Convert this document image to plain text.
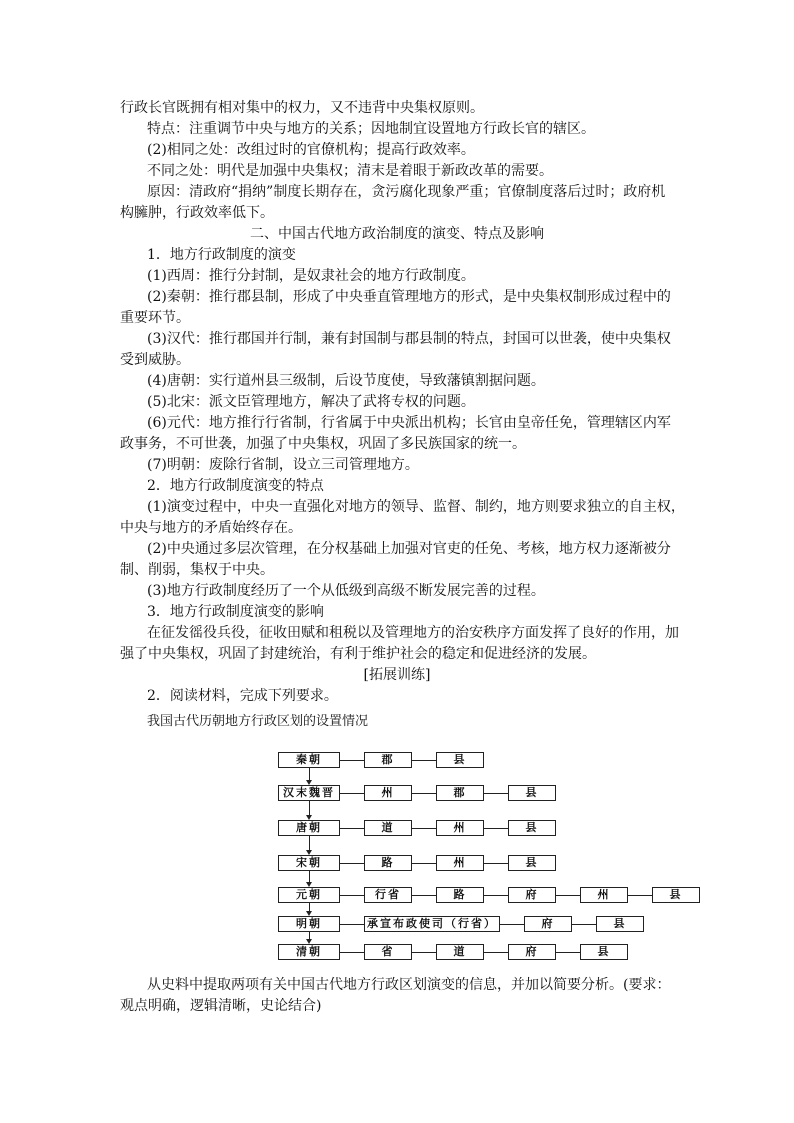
行政长官既拥有相对集中的权力，又不违背中央集权原则。
特点：注重调节中央与地方的关系；因地制宜设置地方行政长官的辖区。
(2)相同之处：改组过时的官僚机构；提高行政效率。
不同之处：明代是加强中央集权；清末是着眼于新政改革的需要。
原因：清政府“捐纳”制度长期存在，贪污腐化现象严重；官僚制度落后过时；政府机
构臃肿，行政效率低下。
二、中国古代地方政治制度的演变、特点及影响
1．地方行政制度的演变
(1)西周：推行分封制，是奴隶社会的地方行政制度。
(2)秦朝：推行郡县制，形成了中央垂直管理地方的形式，是中央集权制形成过程中的
重要环节。
(3)汉代：推行郡国并行制，兼有封国制与郡县制的特点，封国可以世袭，使中央集权
受到威胁。
(4)唐朝：实行道州县三级制，后设节度使，导致藩镇割据问题。
(5)北宋：派文臣管理地方，解决了武将专权的问题。
(6)元代：地方推行行省制，行省属于中央派出机构；长官由皇帝任免，管理辖区内军
政事务，不可世袭，加强了中央集权，巩固了多民族国家的统一。
(7)明朝：废除行省制，设立三司管理地方。
2．地方行政制度演变的特点
(1)演变过程中，中央一直强化对地方的领导、监督、制约，地方则要求独立的自主权，
中央与地方的矛盾始终存在。
(2)中央通过多层次管理，在分权基础上加强对官吏的任免、考核，地方权力逐渐被分
制、削弱，集权于中央。
(3)地方行政制度经历了一个从低级到高级不断发展完善的过程。
3．地方行政制度演变的影响
在征发徭役兵役，征收田赋和租税以及管理地方的治安秩序方面发挥了良好的作用，加
强了中央集权，巩固了封建统治，有利于维护社会的稳定和促进经济的发展。
[拓展训练]
2．阅读材料，完成下列要求。
我国古代历朝地方行政区划的设置情况
秦朝	郡	县
汉末魏晋	州	郡	县
唐朝	道	州	县
宋朝	路	州	县
元朝	行省	路	府	州	县
明朝	承宣布政使司（行省）	府	县
清朝	省	道	府	县
从史料中提取两项有关中国古代地方行政区划演变的信息，并加以简要分析。(要求：
观点明确，逻辑清晰，史论结合)
